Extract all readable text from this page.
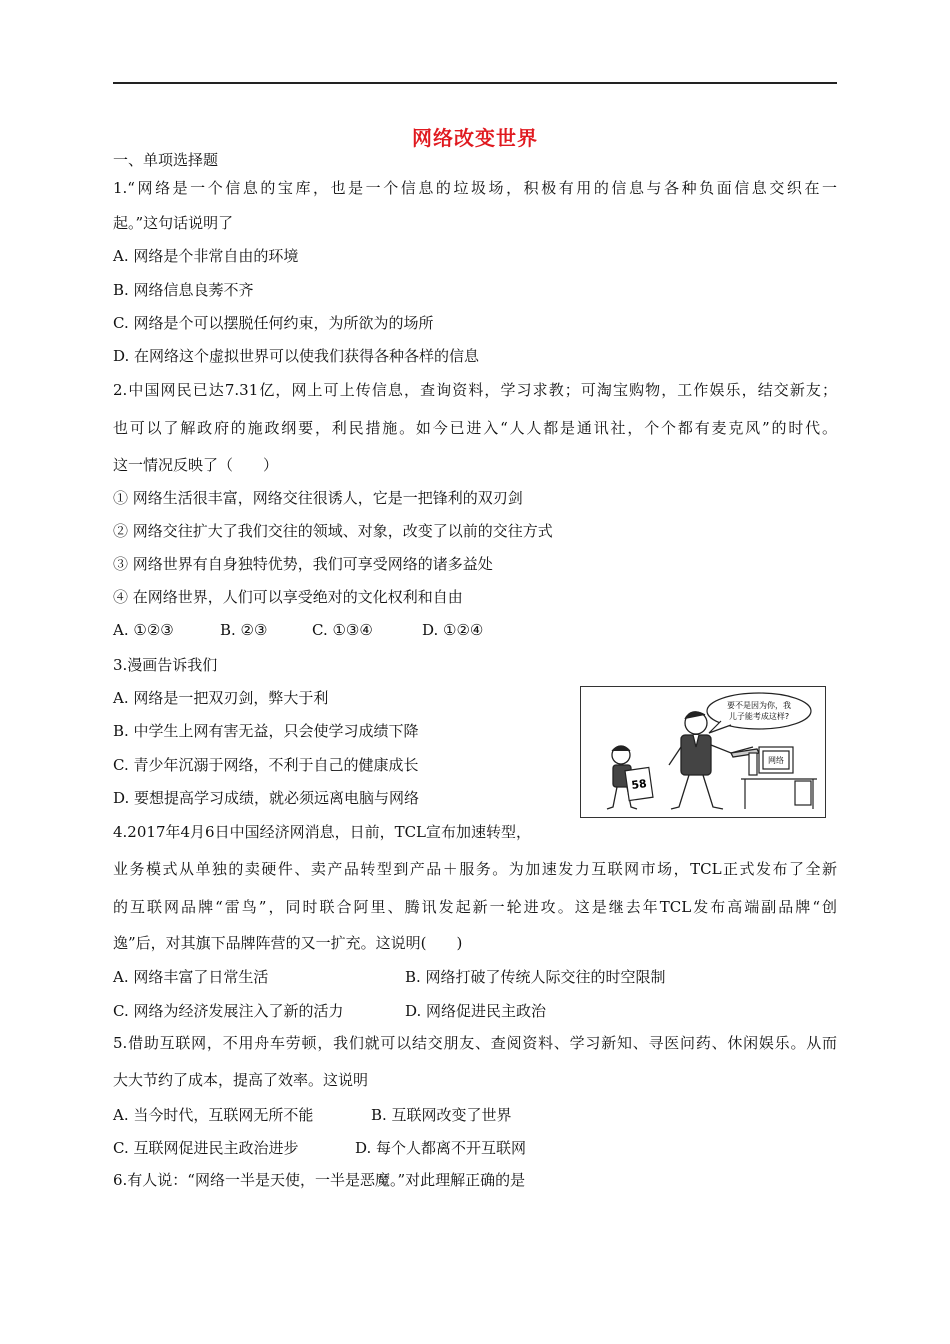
网络改变世界
一、单项选择题
1.“网络是一个信息的宝库，也是一个信息的垃圾场，积极有用的信息与各种负面信息交织在一
起。”这句话说明了
A. 网络是个非常自由的环境
B. 网络信息良莠不齐
C. 网络是个可以摆脱任何约束，为所欲为的场所
D. 在网络这个虚拟世界可以使我们获得各种各样的信息
2.中国网民已达7.31亿，网上可上传信息，查询资料，学习求教；可淘宝购物，工作娱乐，结交新友；
也可以了解政府的施政纲要，利民措施。如今已进入“人人都是通讯社，个个都有麦克风”的时代。
这一情况反映了（　　）
① 网络生活很丰富，网络交往很诱人，它是一把锋利的双刃剑
② 网络交往扩大了我们交往的领域、对象，改变了以前的交往方式
③ 网络世界有自身独特优势，我们可享受网络的诸多益处
④ 在网络世界，人们可以享受绝对的文化权利和自由
A. ①②③	B. ②③	C. ①③④	D. ①②④
3.漫画告诉我们
A. 网络是一把双刃剑，弊大于利
B. 中学生上网有害无益，只会使学习成绩下降
C. 青少年沉溺于网络，不利于自己的健康成长
D. 要想提高学习成绩，就必须远离电脑与网络
要不是因为你，我
儿子能考成这样?
58
网络
4.2017年4月6日中国经济网消息，日前，TCL宣布加速转型，
业务模式从单独的卖硬件、卖产品转型到产品＋服务。为加速发力互联网市场，TCL正式发布了全新
的互联网品牌“雷鸟”，同时联合阿里、腾讯发起新一轮进攻。这是继去年TCL发布高端副品牌“创
逸”后，对其旗下品牌阵营的又一扩充。这说明(　　)
A. 网络丰富了日常生活	B. 网络打破了传统人际交往的时空限制
C. 网络为经济发展注入了新的活力	D. 网络促进民主政治
5.借助互联网，不用舟车劳顿，我们就可以结交朋友、查阅资料、学习新知、寻医问药、休闲娱乐。从而
大大节约了成本，提高了效率。这说明
A. 当今时代，互联网无所不能	B. 互联网改变了世界
C. 互联网促进民主政治进步	D. 每个人都离不开互联网
6.有人说：“网络一半是天使，一半是恶魔。”对此理解正确的是
